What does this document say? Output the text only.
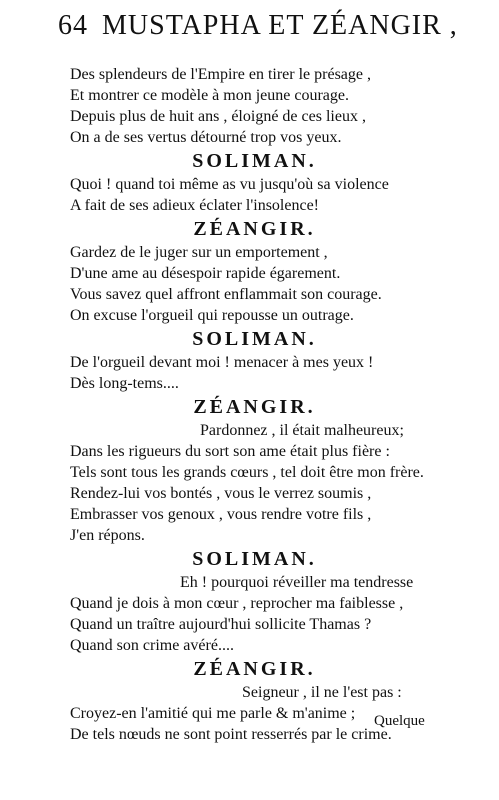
64 MUSTAPHA ET ZÉANGIR ,
Des splendeurs de l'Empire en tirer le présage ,
Et montrer ce modèle à mon jeune courage.
Depuis plus de huit ans , éloigné de ces lieux ,
On a de ses vertus détourné trop vos yeux.
SOLIMAN.
Quoi ! quand toi même as vu jusqu'où sa violence
A fait de ses adieux éclater l'insolence!
ZÉANGIR.
Gardez de le juger sur un emportement ,
D'une ame au désespoir rapide égarement.
Vous savez quel affront enflammait son courage.
On excuse l'orgueil qui repousse un outrage.
SOLIMAN.
De l'orgueil devant moi ! menacer à mes yeux !
Dès long-tems....
ZÉANGIR.
Pardonnez , il était malheureux;
Dans les rigueurs du sort son ame était plus fière :
Tels sont tous les grands cœurs , tel doit être mon frère.
Rendez-lui vos bontés , vous le verrez soumis ,
Embrasser vos genoux , vous rendre votre fils ,
J'en répons.
SOLIMAN.
Eh ! pourquoi réveiller ma tendresse
Quand je dois à mon cœur , reprocher ma faiblesse ,
Quand un traître aujourd'hui sollicite Thamas ?
Quand son crime avéré....
ZÉANGIR.
Seigneur , il ne l'est pas :
Croyez-en l'amitié qui me parle & m'anime ;
De tels nœuds ne sont point resserrés par le crime.
Quelque
